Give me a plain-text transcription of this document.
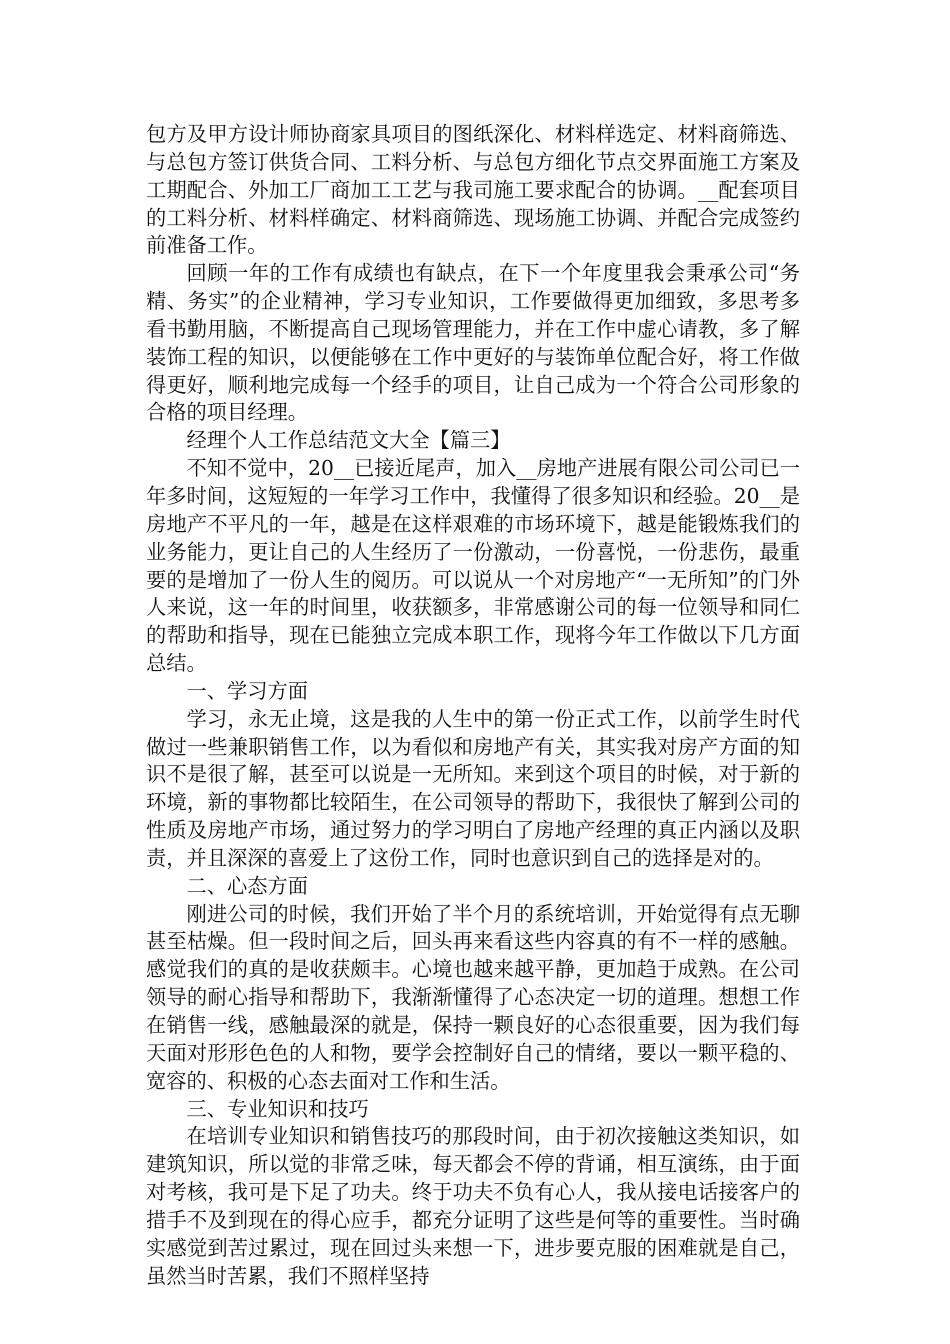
包方及甲方设计师协商家具项目的图纸深化、材料样选定、材料商筛选、与总包方签订供货合同、工料分析、与总包方细化节点交界面施工方案及工期配合、外加工厂商加工工艺与我司施工要求配合的协调。__配套项目的工料分析、材料样确定、材料商筛选、现场施工协调、并配合完成签约前准备工作。

回顾一年的工作有成绩也有缺点，在下一个年度里我会秉承公司“务精、务实”的企业精神，学习专业知识，工作要做得更加细致，多思考多看书勤用脑，不断提高自己现场管理能力，并在工作中虚心请教，多了解装饰工程的知识，以便能够在工作中更好的与装饰单位配合好，将工作做得更好，顺利地完成每一个经手的项目，让自己成为一个符合公司形象的合格的项目经理。

经理个人工作总结范文大全【篇三】

不知不觉中，20__已接近尾声，加入__房地产进展有限公司公司已一年多时间，这短短的一年学习工作中，我懂得了很多知识和经验。20__是房地产不平凡的一年，越是在这样艰难的市场环境下，越是能锻炼我们的业务能力，更让自己的人生经历了一份激动，一份喜悦，一份悲伤，最重要的是增加了一份人生的阅历。可以说从一个对房地产“一无所知”的门外人来说，这一年的时间里，收获额多，非常感谢公司的每一位领导和同仁的帮助和指导，现在已能独立完成本职工作，现将今年工作做以下几方面总结。

一、学习方面

学习，永无止境，这是我的人生中的第一份正式工作，以前学生时代做过一些兼职销售工作，以为看似和房地产有关，其实我对房产方面的知识不是很了解，甚至可以说是一无所知。来到这个项目的时候，对于新的环境，新的事物都比较陌生，在公司领导的帮助下，我很快了解到公司的性质及房地产市场，通过努力的学习明白了房地产经理的真正内涵以及职责，并且深深的喜爱上了这份工作，同时也意识到自己的选择是对的。

二、心态方面

刚进公司的时候，我们开始了半个月的系统培训，开始觉得有点无聊甚至枯燥。但一段时间之后，回头再来看这些内容真的有不一样的感触。感觉我们的真的是收获颇丰。心境也越来越平静，更加趋于成熟。在公司领导的耐心指导和帮助下，我渐渐懂得了心态决定一切的道理。想想工作在销售一线，感触最深的就是，保持一颗良好的心态很重要，因为我们每天面对形形色色的人和物，要学会控制好自己的情绪，要以一颗平稳的、宽容的、积极的心态去面对工作和生活。

三、专业知识和技巧

在培训专业知识和销售技巧的那段时间，由于初次接触这类知识，如建筑知识，所以觉的非常乏味，每天都会不停的背诵，相互演练，由于面对考核，我可是下足了功夫。终于功夫不负有心人，我从接电话接客户的措手不及到现在的得心应手，都充分证明了这些是何等的重要性。当时确实感觉到苦过累过，现在回过头来想一下，进步要克服的困难就是自己，虽然当时苦累，我们不照样坚持
